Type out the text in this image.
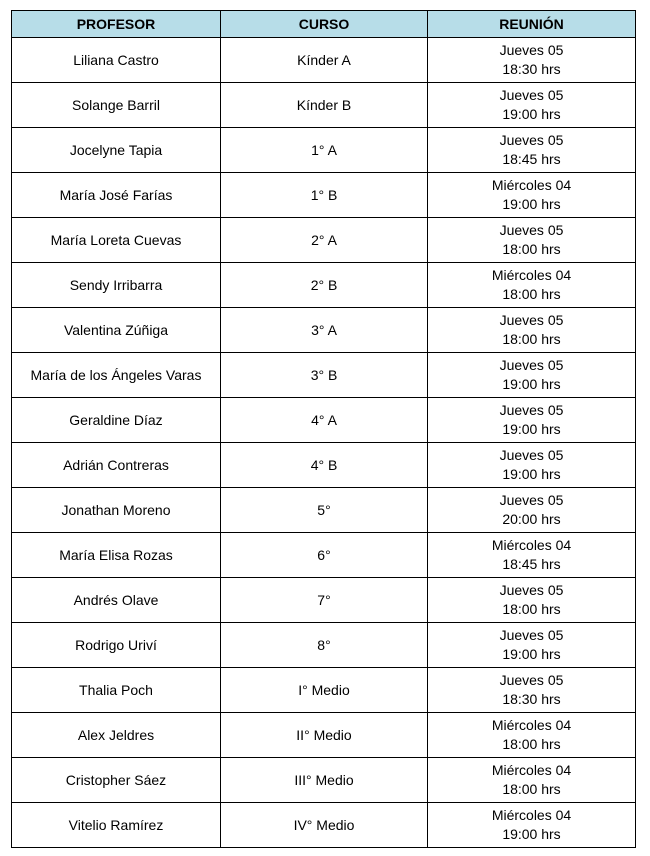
PROFESOR	CURSO	REUNIÓN
Liliana Castro	Kínder A	Jueves 05
18:30 hrs

Solange Barril	Kínder B	Jueves 05
19:00 hrs

Jocelyne Tapia	1° A	Jueves 05
18:45 hrs

María José Farías	1° B	Miércoles 04
19:00 hrs

María Loreta Cuevas	2° A	Jueves 05
18:00 hrs

Sendy Irribarra	2° B	Miércoles 04
18:00 hrs

Valentina Zúñiga	3° A	Jueves 05
18:00 hrs

María de los Ángeles Varas	3° B	Jueves 05
19:00 hrs

Geraldine Díaz	4° A	Jueves 05
19:00 hrs

Adrián Contreras	4° B	Jueves 05
19:00 hrs

Jonathan Moreno	5°	Jueves 05
20:00 hrs

María Elisa Rozas	6°	Miércoles 04
18:45 hrs

Andrés Olave	7°	Jueves 05
18:00 hrs

Rodrigo Uriví	8°	Jueves 05
19:00 hrs

Thalia Poch	I° Medio	Jueves 05
18:30 hrs

Alex Jeldres	II° Medio	Miércoles 04
18:00 hrs

Cristopher Sáez	III° Medio	Miércoles 04
18:00 hrs

Vitelio Ramírez	IV° Medio	Miércoles 04
19:00 hrs
